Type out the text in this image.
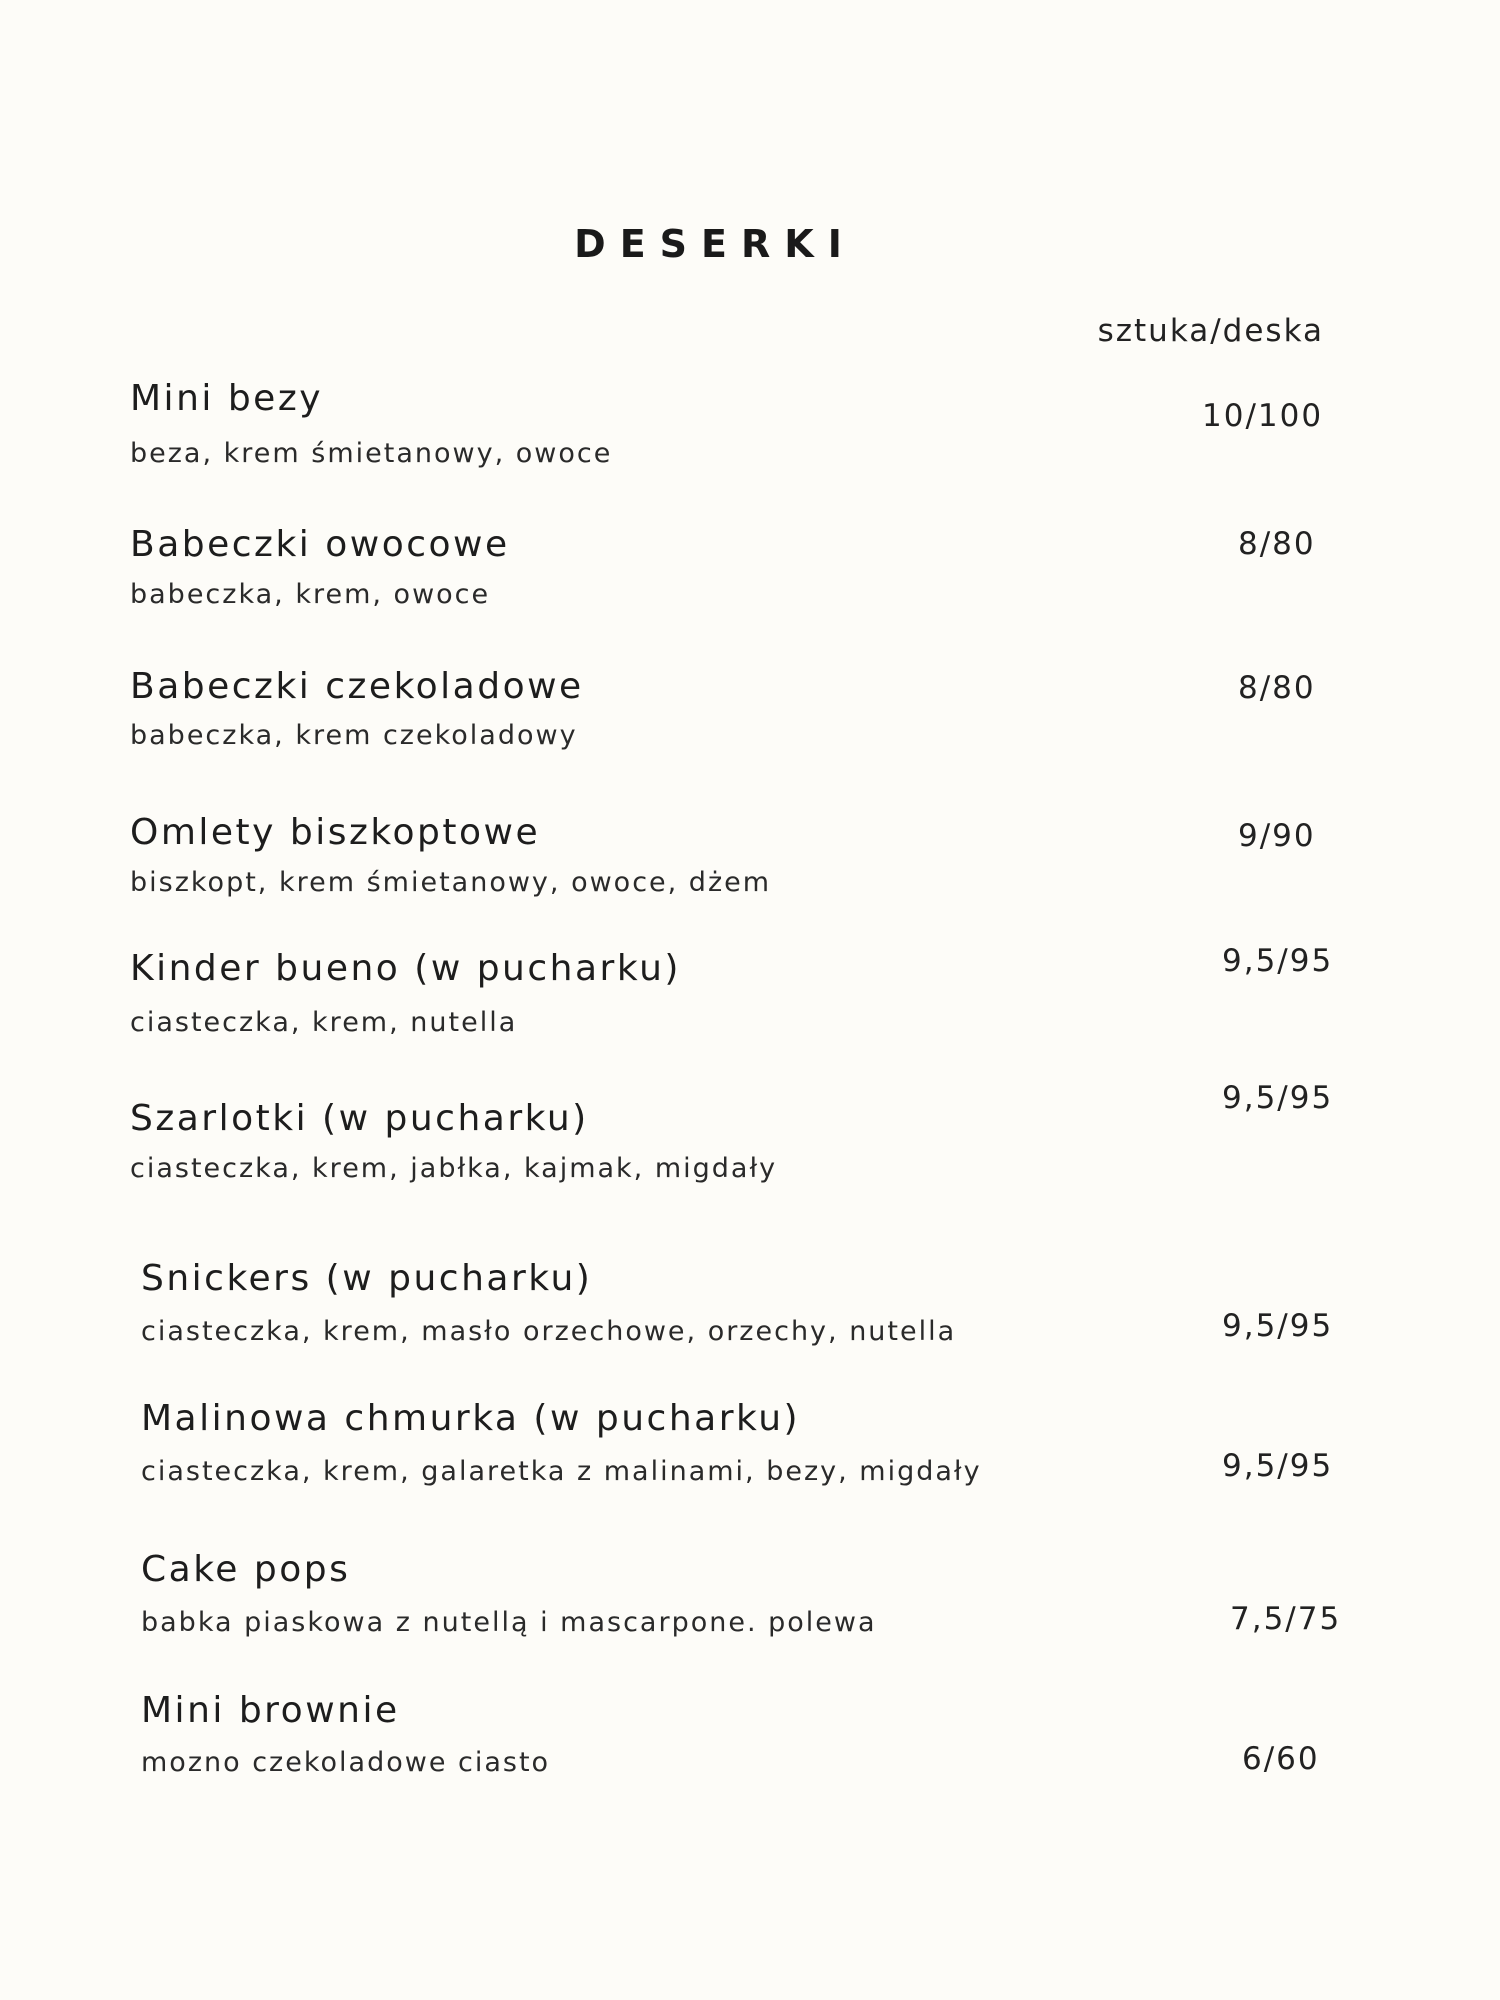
DESERKI
sztuka/deska
Mini bezy
beza, krem śmietanowy, owoce
10/100
Babeczki owocowe
babeczka, krem, owoce
8/80
Babeczki czekoladowe
babeczka, krem czekoladowy
8/80
Omlety biszkoptowe
biszkopt, krem śmietanowy, owoce, dżem
9/90
Kinder bueno (w pucharku)
ciasteczka, krem, nutella
9,5/95
Szarlotki (w pucharku)
ciasteczka, krem, jabłka, kajmak, migdały
9,5/95
Snickers (w pucharku)
ciasteczka, krem, masło orzechowe, orzechy, nutella	9,5/95
Malinowa chmurka (w pucharku)
ciasteczka, krem, galaretka z malinami, bezy, migdały	9,5/95
Cake pops
babka piaskowa z nutellą i mascarpone. polewa	7,5/75
Mini brownie
mozno czekoladowe ciasto	6/60
